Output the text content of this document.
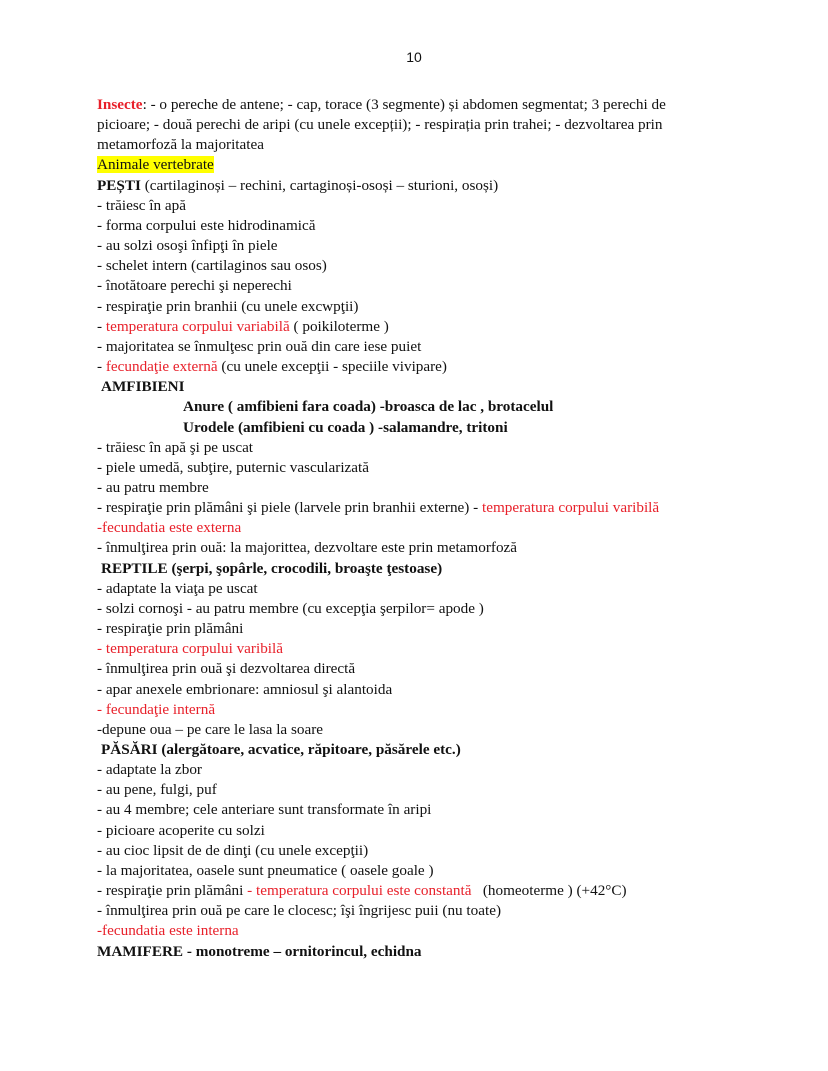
10
Insecte: - o pereche de antene; - cap, torace (3 segmente) și abdomen segmentat; 3 perechi de
picioare; - două perechi de aripi (cu unele excepții); - respirația prin trahei; - dezvoltarea prin
metamorfoză la majoritatea
Animale vertebrate
PEȘTI (cartilaginoși – rechini, cartaginoși-osoși – sturioni, osoși)
- trăiesc în apă
- forma corpului este hidrodinamică
- au solzi osoşi înfipţi în piele
- schelet intern (cartilaginos sau osos)
- înotătoare perechi şi neperechi
- respiraţie prin branhii (cu unele excwpţii)
- temperatura corpului variabilă ( poikiloterme )
- majoritatea se înmulţesc prin ouă din care iese puiet
- fecundaţie externă (cu unele excepţii - speciile vivipare)
AMFIBIENI
Anure ( amfibieni fara coada) -broasca de lac , brotacelul
Urodele (amfibieni cu coada ) -salamandre, tritoni
- trăiesc în apă şi pe uscat
- piele umedă, subţire, puternic vascularizată
- au patru membre
- respiraţie prin plămâni şi piele (larvele prin branhii externe) - temperatura corpului varibilă
-fecundatia este externa
- înmulţirea prin ouă: la majorittea, dezvoltare este prin metamorfoză
REPTILE (şerpi, şopârle, crocodili, broaşte ţestoase)
- adaptate la viaţa pe uscat
- solzi cornoşi - au patru membre (cu excepţia şerpilor= apode )
- respiraţie prin plămâni
- temperatura corpului varibilă
- înmulţirea prin ouă şi dezvoltarea directă
- apar anexele embrionare: amniosul şi alantoida
- fecundaţie internă
-depune oua – pe care le lasa la soare
PĂSĂRI (alergătoare, acvatice, răpitoare, păsărele etc.)
- adaptate la zbor
- au pene, fulgi, puf
- au 4 membre; cele anteriare sunt transformate în aripi
- picioare acoperite cu solzi
- au cioc lipsit de de dinţi (cu unele excepţii)
- la majoritatea, oasele sunt pneumatice ( oasele goale )
- respiraţie prin plămâni - temperatura corpului este constantă   (homeoterme ) (+42°C)
- înmulţirea prin ouă pe care le clocesc; îşi îngrijesc puii (nu toate)
-fecundatia este interna
MAMIFERE - monotreme – ornitorincul, echidna
